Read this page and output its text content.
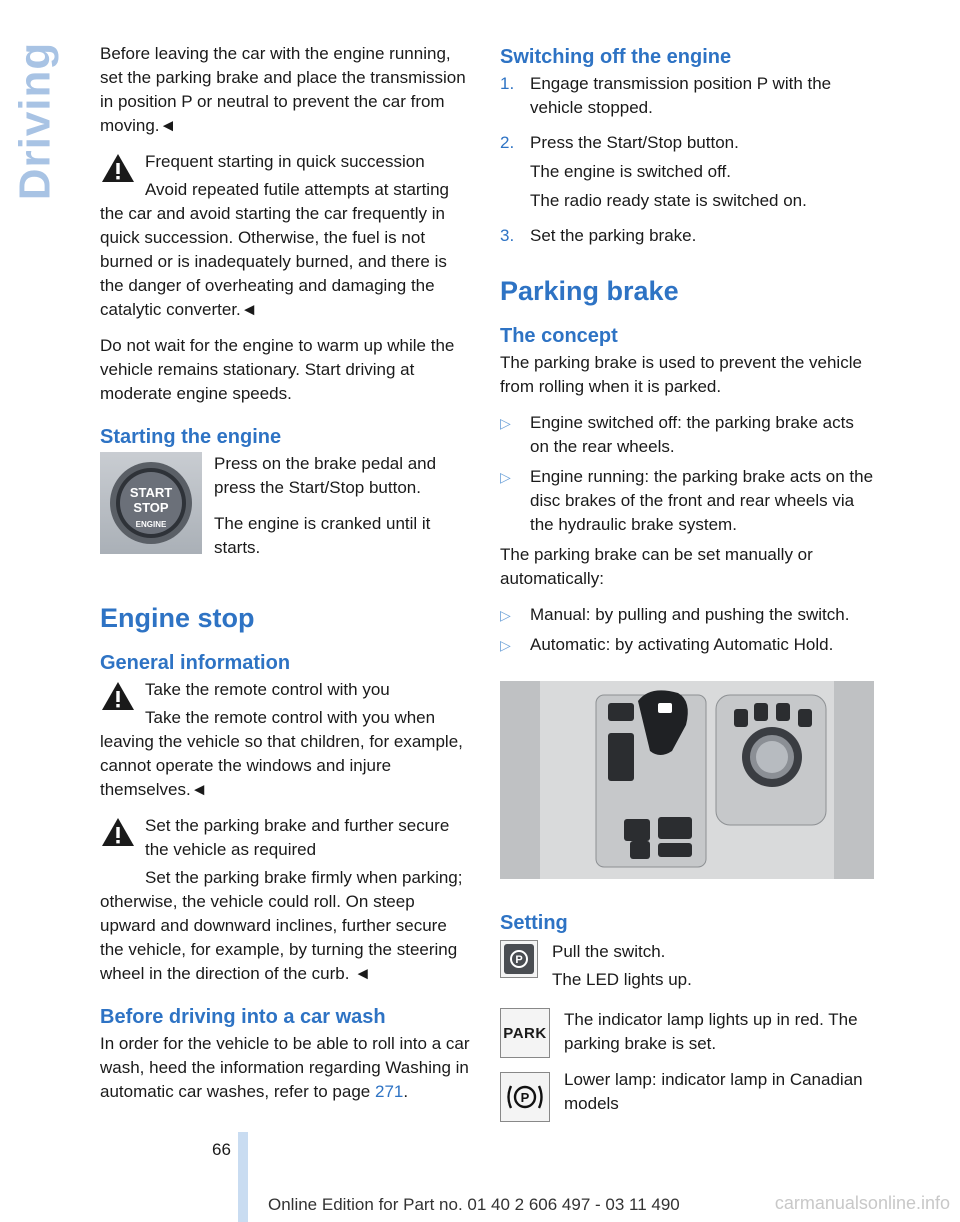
Driving Before leaving the car with the engine running, set the parking brake and place the transmission in position P or neutral to prevent the car from moving.◄

Frequent starting in quick succession

Avoid repeated futile attempts at starting the car and avoid starting the car frequently in quick succession. Otherwise, the fuel is not burned or is inadequately burned, and there is the danger of overheating and damaging the catalytic converter.◄

Do not wait for the engine to warm up while the vehicle remains stationary. Start driving at moderate engine speeds.

Starting the engine
START
STOP
ENGINE

Press on the brake pedal and press the Start/Stop button.

The engine is cranked until it starts.

Engine stop
General information
Take the remote control with you

Take the remote control with you when leaving the vehicle so that children, for example, cannot operate the windows and injure themselves.◄

Set the parking brake and further secure the vehicle as required

Set the parking brake firmly when parking; otherwise, the vehicle could roll. On steep upward and downward inclines, further secure the vehicle, for example, by turning the steering wheel in the direction of the curb. ◄

Before driving into a car wash

In order for the vehicle to be able to roll into a car wash, heed the information regarding Washing in automatic car washes, refer to page 271.

Switching off the engine
1. Engage transmission position P with the vehicle stopped.

2. Press the Start/Stop button.

The engine is switched off.

The radio ready state is switched on.

3. Set the parking brake.

Parking brake
The concept

The parking brake is used to prevent the vehicle from rolling when it is parked.

▷	Engine switched off: the parking brake acts on the rear wheels.
▷	Engine running: the parking brake acts on the disc brakes of the front and rear wheels via the hydraulic brake system.

The parking brake can be set manually or automatically:

▷	Manual: by pulling and pushing the switch.
▷	Automatic: by activating Automatic Hold.
Setting
P Pull the switch.

The LED lights up.

PARK
P

The indicator lamp lights up in red. The parking brake is set.

Lower lamp: indicator lamp in Canadian models

66
Online Edition for Part no. 01 40 2 606 497 - 03 11 490	carmanualsonline.info
